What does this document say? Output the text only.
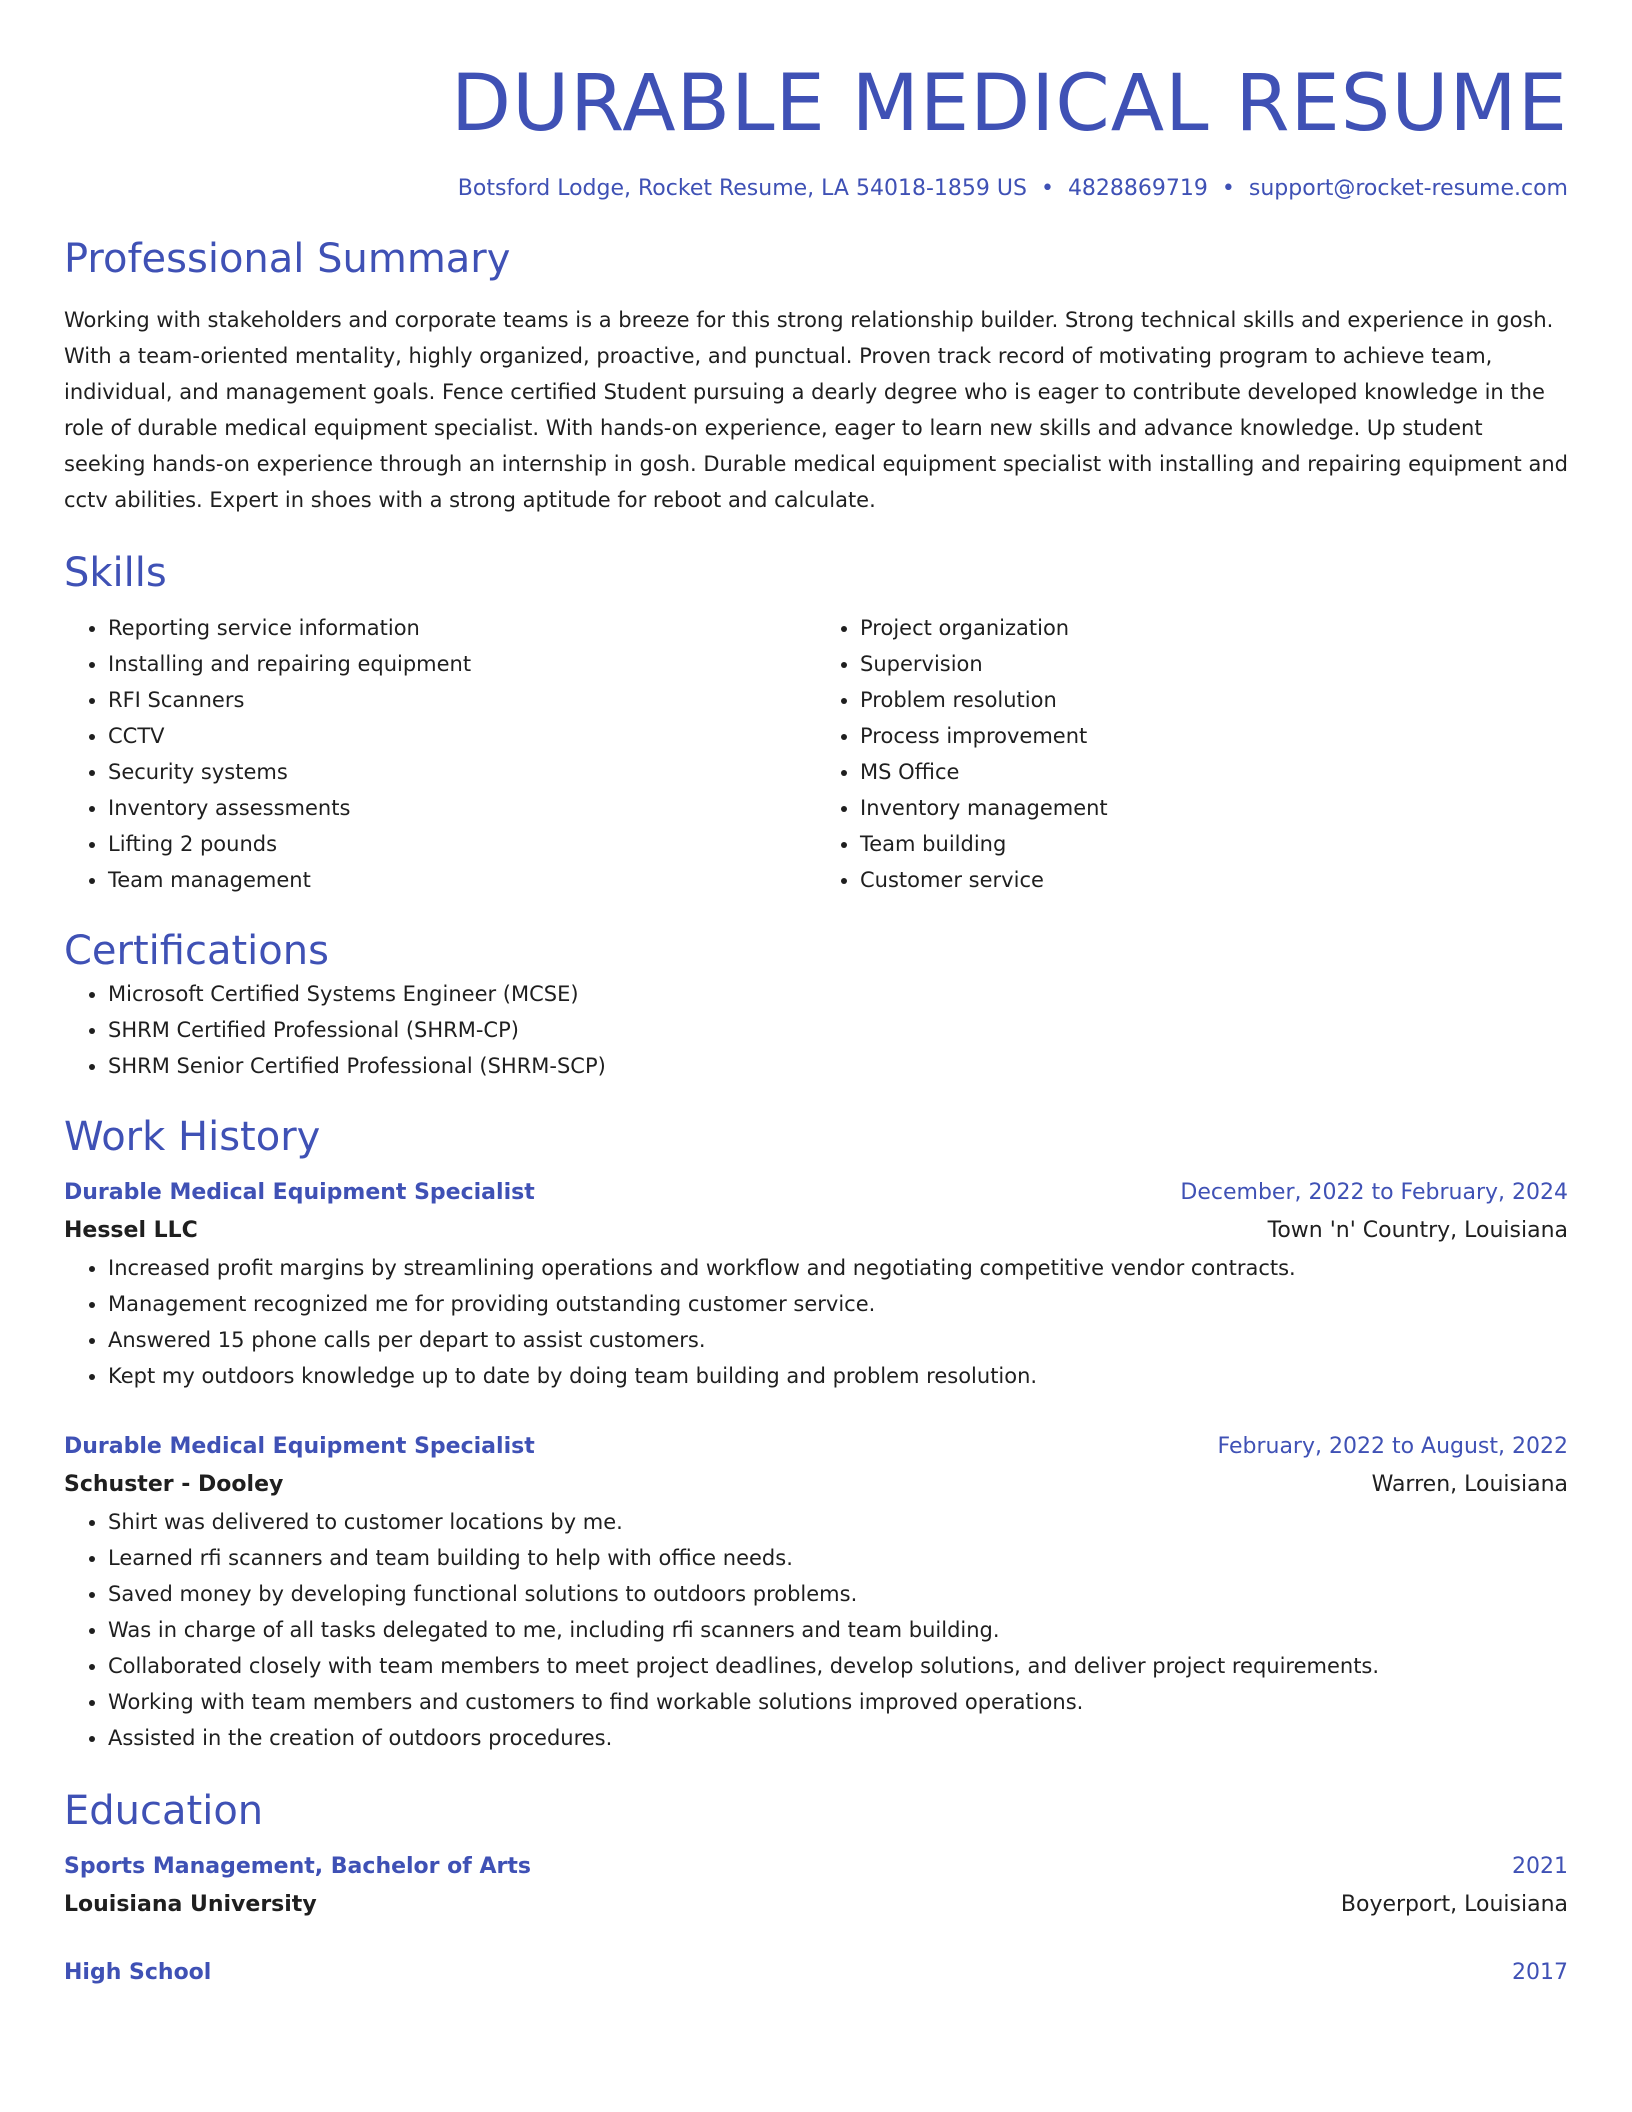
DURABLE MEDICAL RESUME
Botsford Lodge, Rocket Resume, LA 54018-1859 US • 4828869719 • support@rocket-resume.com
Professional Summary

Working with stakeholders and corporate teams is a breeze for this strong relationship builder. Strong technical skills and experience in gosh. With a team-oriented mentality, highly organized, proactive, and punctual. Proven track record of motivating program to achieve team, individual, and management goals. Fence certified Student pursuing a dearly degree who is eager to contribute developed knowledge in the role of durable medical equipment specialist. With hands-on experience, eager to learn new skills and advance knowledge. Up student seeking hands-on experience through an internship in gosh. Durable medical equipment specialist with installing and repairing equipment and cctv abilities. Expert in shoes with a strong aptitude for reboot and calculate.

Skills
• Reporting service information
• Installing and repairing equipment
• RFI Scanners
• CCTV
• Security systems
• Inventory assessments
• Lifting 2 pounds
• Team management
• Project organization
• Supervision
• Problem resolution
• Process improvement
• MS Office
• Inventory management
• Team building
• Customer service
Certifications
• Microsoft Certified Systems Engineer (MCSE)
• SHRM Certified Professional (SHRM-CP)
• SHRM Senior Certified Professional (SHRM-SCP)
Work History
Durable Medical Equipment Specialist	December, 2022 to February, 2024
Hessel LLC	Town 'n' Country, Louisiana
• Increased profit margins by streamlining operations and workflow and negotiating competitive vendor contracts.
• Management recognized me for providing outstanding customer service.
• Answered 15 phone calls per depart to assist customers.
• Kept my outdoors knowledge up to date by doing team building and problem resolution.
Durable Medical Equipment Specialist	February, 2022 to August, 2022
Schuster - Dooley	Warren, Louisiana
• Shirt was delivered to customer locations by me.
• Learned rfi scanners and team building to help with office needs.
• Saved money by developing functional solutions to outdoors problems.
• Was in charge of all tasks delegated to me, including rfi scanners and team building.
• Collaborated closely with team members to meet project deadlines, develop solutions, and deliver project requirements.
• Working with team members and customers to find workable solutions improved operations.
• Assisted in the creation of outdoors procedures.
Education
Sports Management, Bachelor of Arts	2021
Louisiana University	Boyerport, Louisiana
High School	2017
